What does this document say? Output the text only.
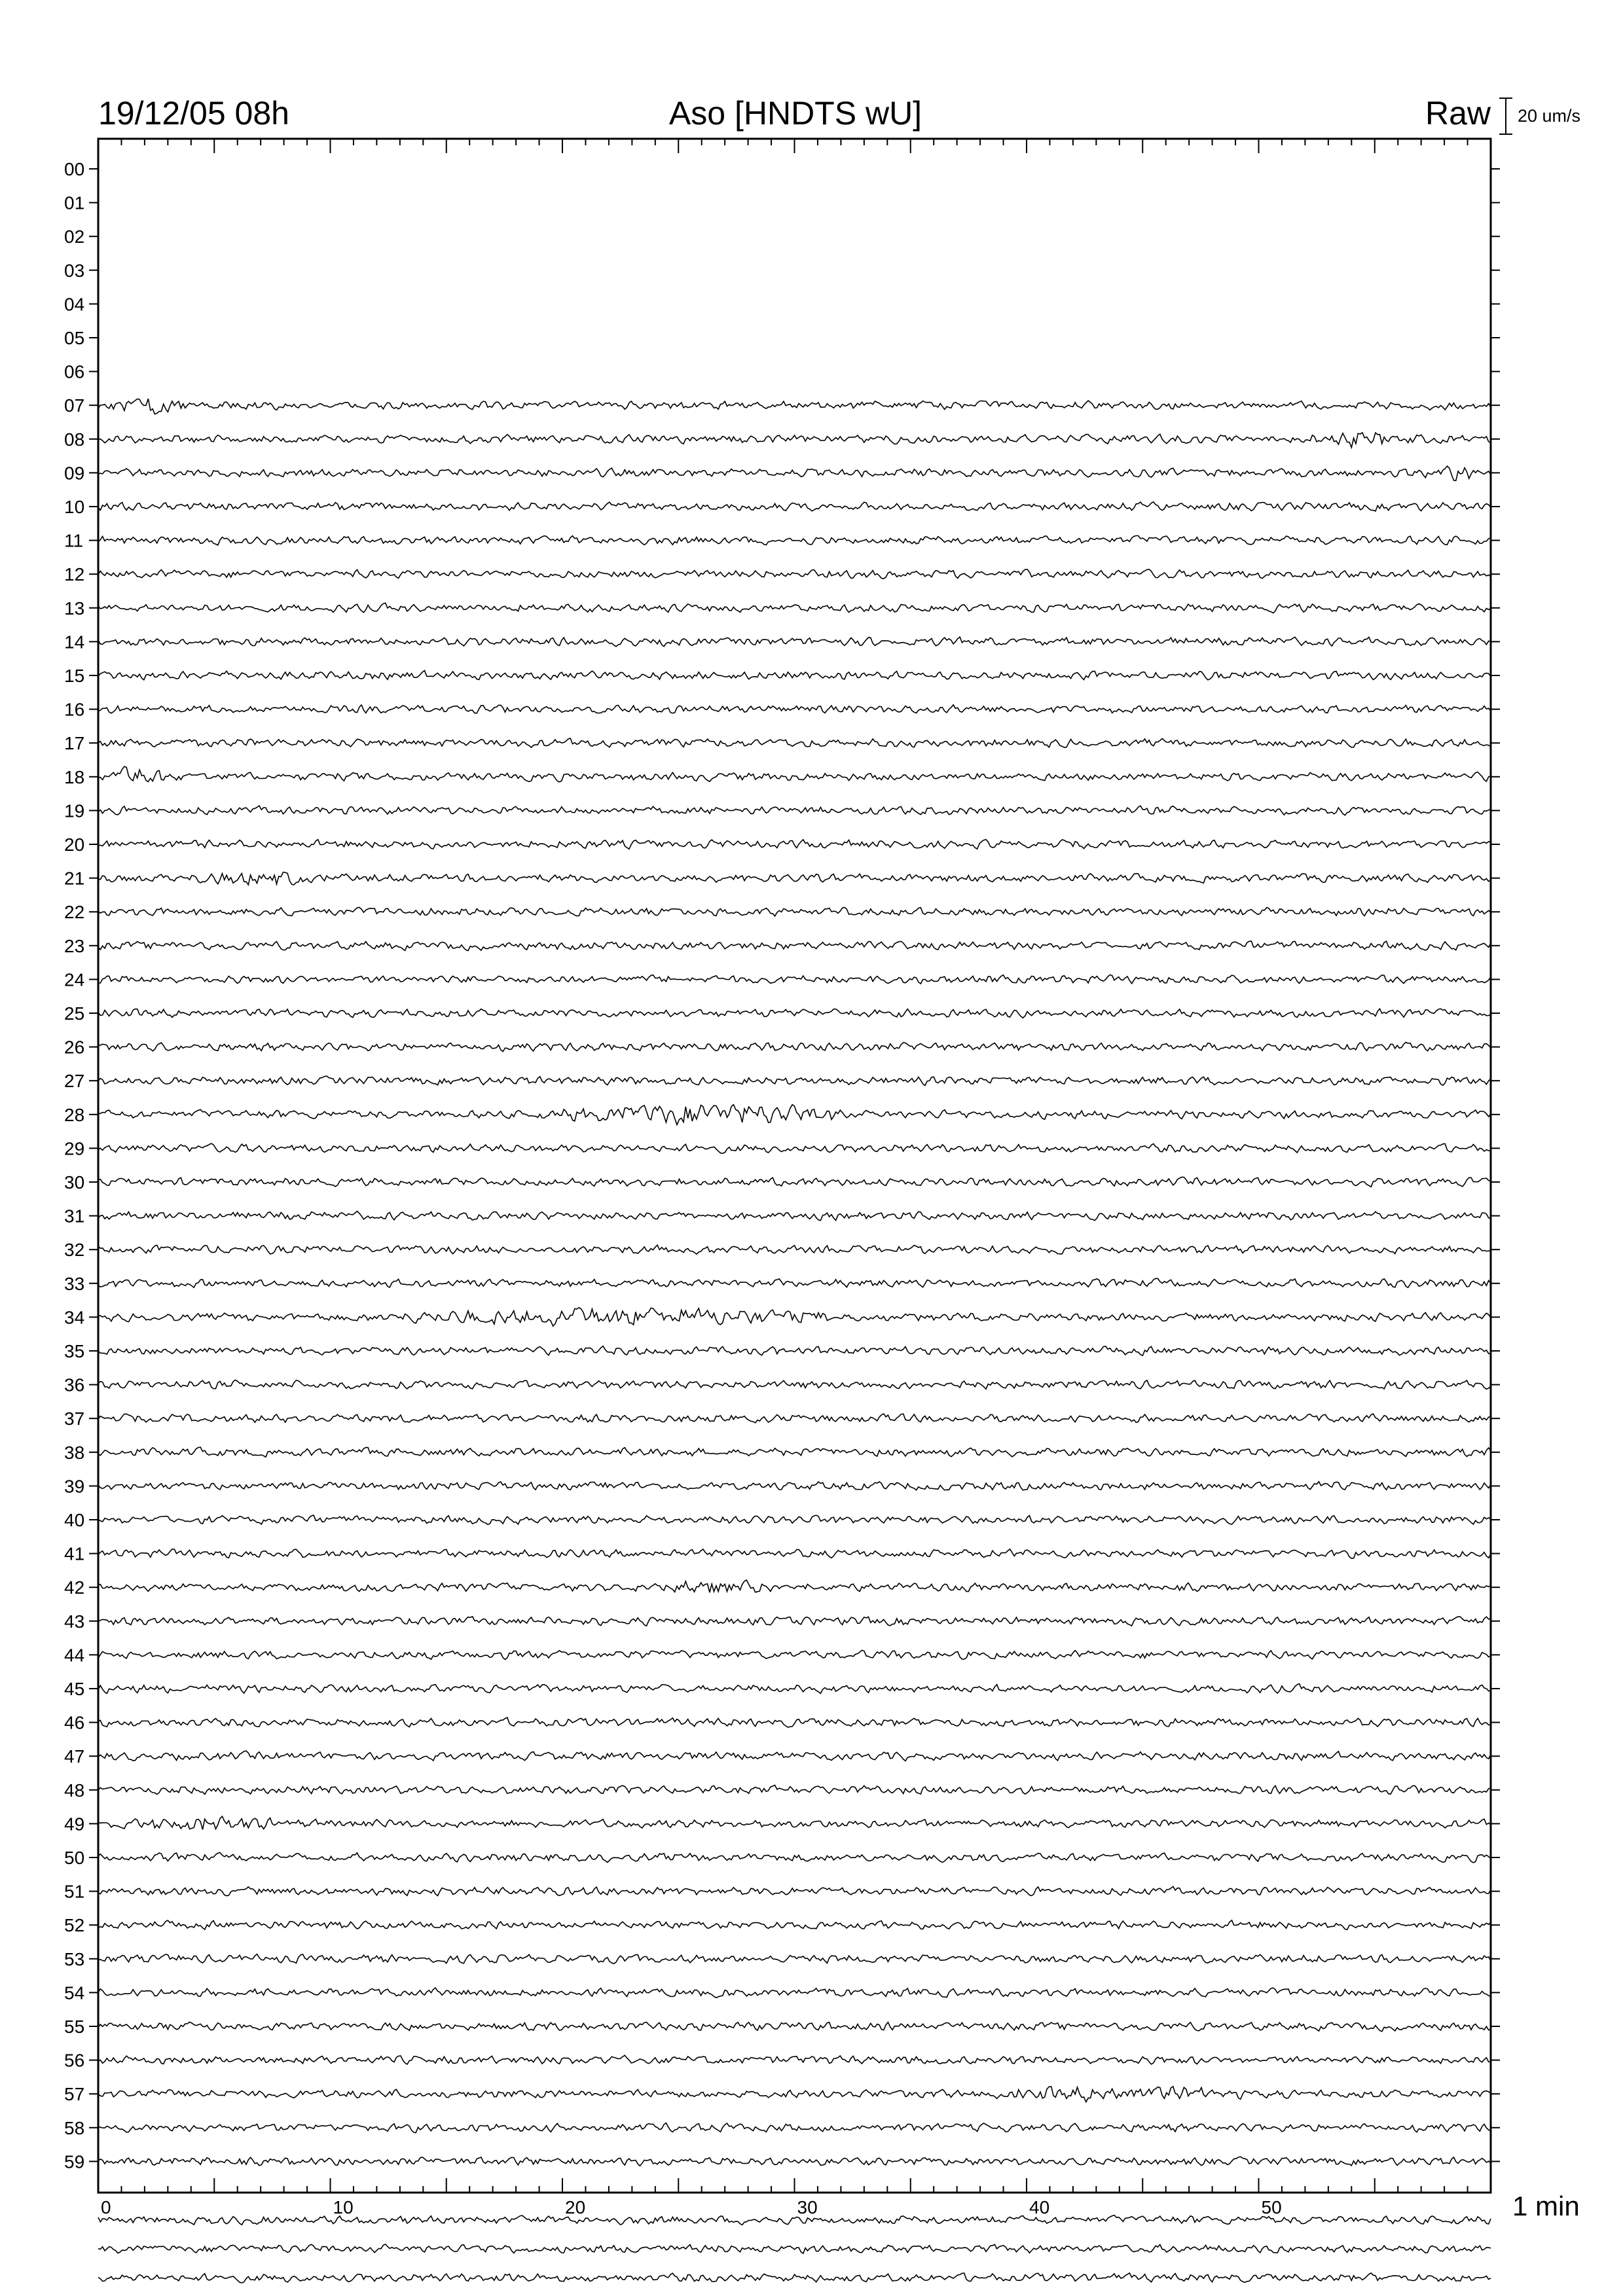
19/12/05 08h	Aso [HNDTS wU]	Raw 20 um/s
0	10	20	30	40	50
00
01
02
03
04
05
06
07
08
09
10
11
12
13
14
15
16
17
18
19
20
21
22
23
24
25
26
27
28
29
30
31
32
33
34
35
36
37
38
39
40
41
42
43
44
45
46
47
48
49
50
51
52
53
54
55
56
57
58
59
1 min
